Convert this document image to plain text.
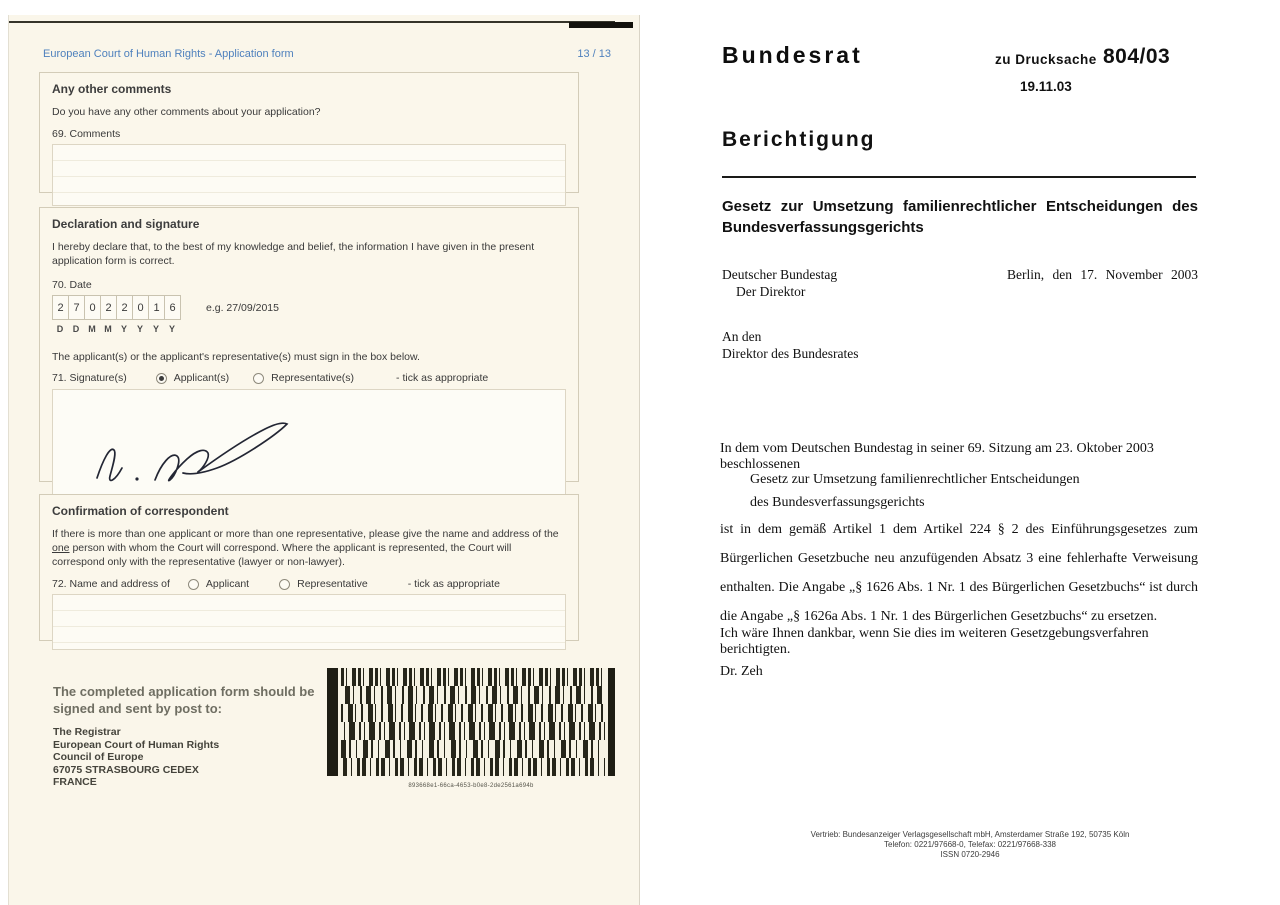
European Court of Human Rights - Application form	13 / 13
Any other comments
Do you have any other comments about your application?
69. Comments
Declaration and signature
I hereby declare that, to the best of my knowledge and belief, the information I have given in the present application form is correct.
70. Date
2 7 0 2 2 0 1 6	e.g. 27/09/2015
D	D	M M	Y	Y	Y	Y
The applicant(s) or the applicant's representative(s) must sign in the box below.
71. Signature(s)	Applicant(s)	Representative(s)	- tick as appropriate
Confirmation of correspondent
If there is more than one applicant or more than one representative, please give the name and address of the one person with whom the Court will correspond. Where the applicant is represented, the Court will correspond only with the representative (lawyer or non-lawyer).
72. Name and address of	Applicant	Representative	- tick as appropriate
The completed application form should be signed and sent by post to:
The Registrar
European Court of Human Rights
Council of Europe
67075 STRASBOURG CEDEX
FRANCE	893668e1-66ca-4653-b0e8-2de2561a694b
Bundesrat	zu Drucksache 804/03
19.11.03
Berichtigung
Gesetz zur Umsetzung familienrechtlicher Entscheidungen des Bundesverfassungsgerichts
Deutscher Bundestag
Der Direktor
Berlin, den 17. November 2003
An den
Direktor des Bundesrates
In dem vom Deutschen Bundestag in seiner 69. Sitzung am 23. Oktober 2003 beschlossenen
Gesetz zur Umsetzung familienrechtlicher Entscheidungen
des Bundesverfassungsgerichts
ist in dem gemäß Artikel 1 dem Artikel 224 § 2 des Einführungsgesetzes zum Bürgerlichen Gesetzbuche neu anzufügenden Absatz 3 eine fehlerhafte Verweisung enthalten. Die Angabe „§ 1626 Abs. 1 Nr. 1 des Bürgerlichen Gesetzbuchs“ ist durch die Angabe „§ 1626a Abs. 1 Nr. 1 des Bürgerlichen Gesetzbuchs“ zu ersetzen.
Ich wäre Ihnen dankbar, wenn Sie dies im weiteren Gesetzgebungsverfahren berichtigten.
Dr. Zeh
Vertrieb: Bundesanzeiger Verlagsgesellschaft mbH, Amsterdamer Straße 192, 50735 Köln
Telefon: 0221/97668-0, Telefax: 0221/97668-338
ISSN 0720-2946
